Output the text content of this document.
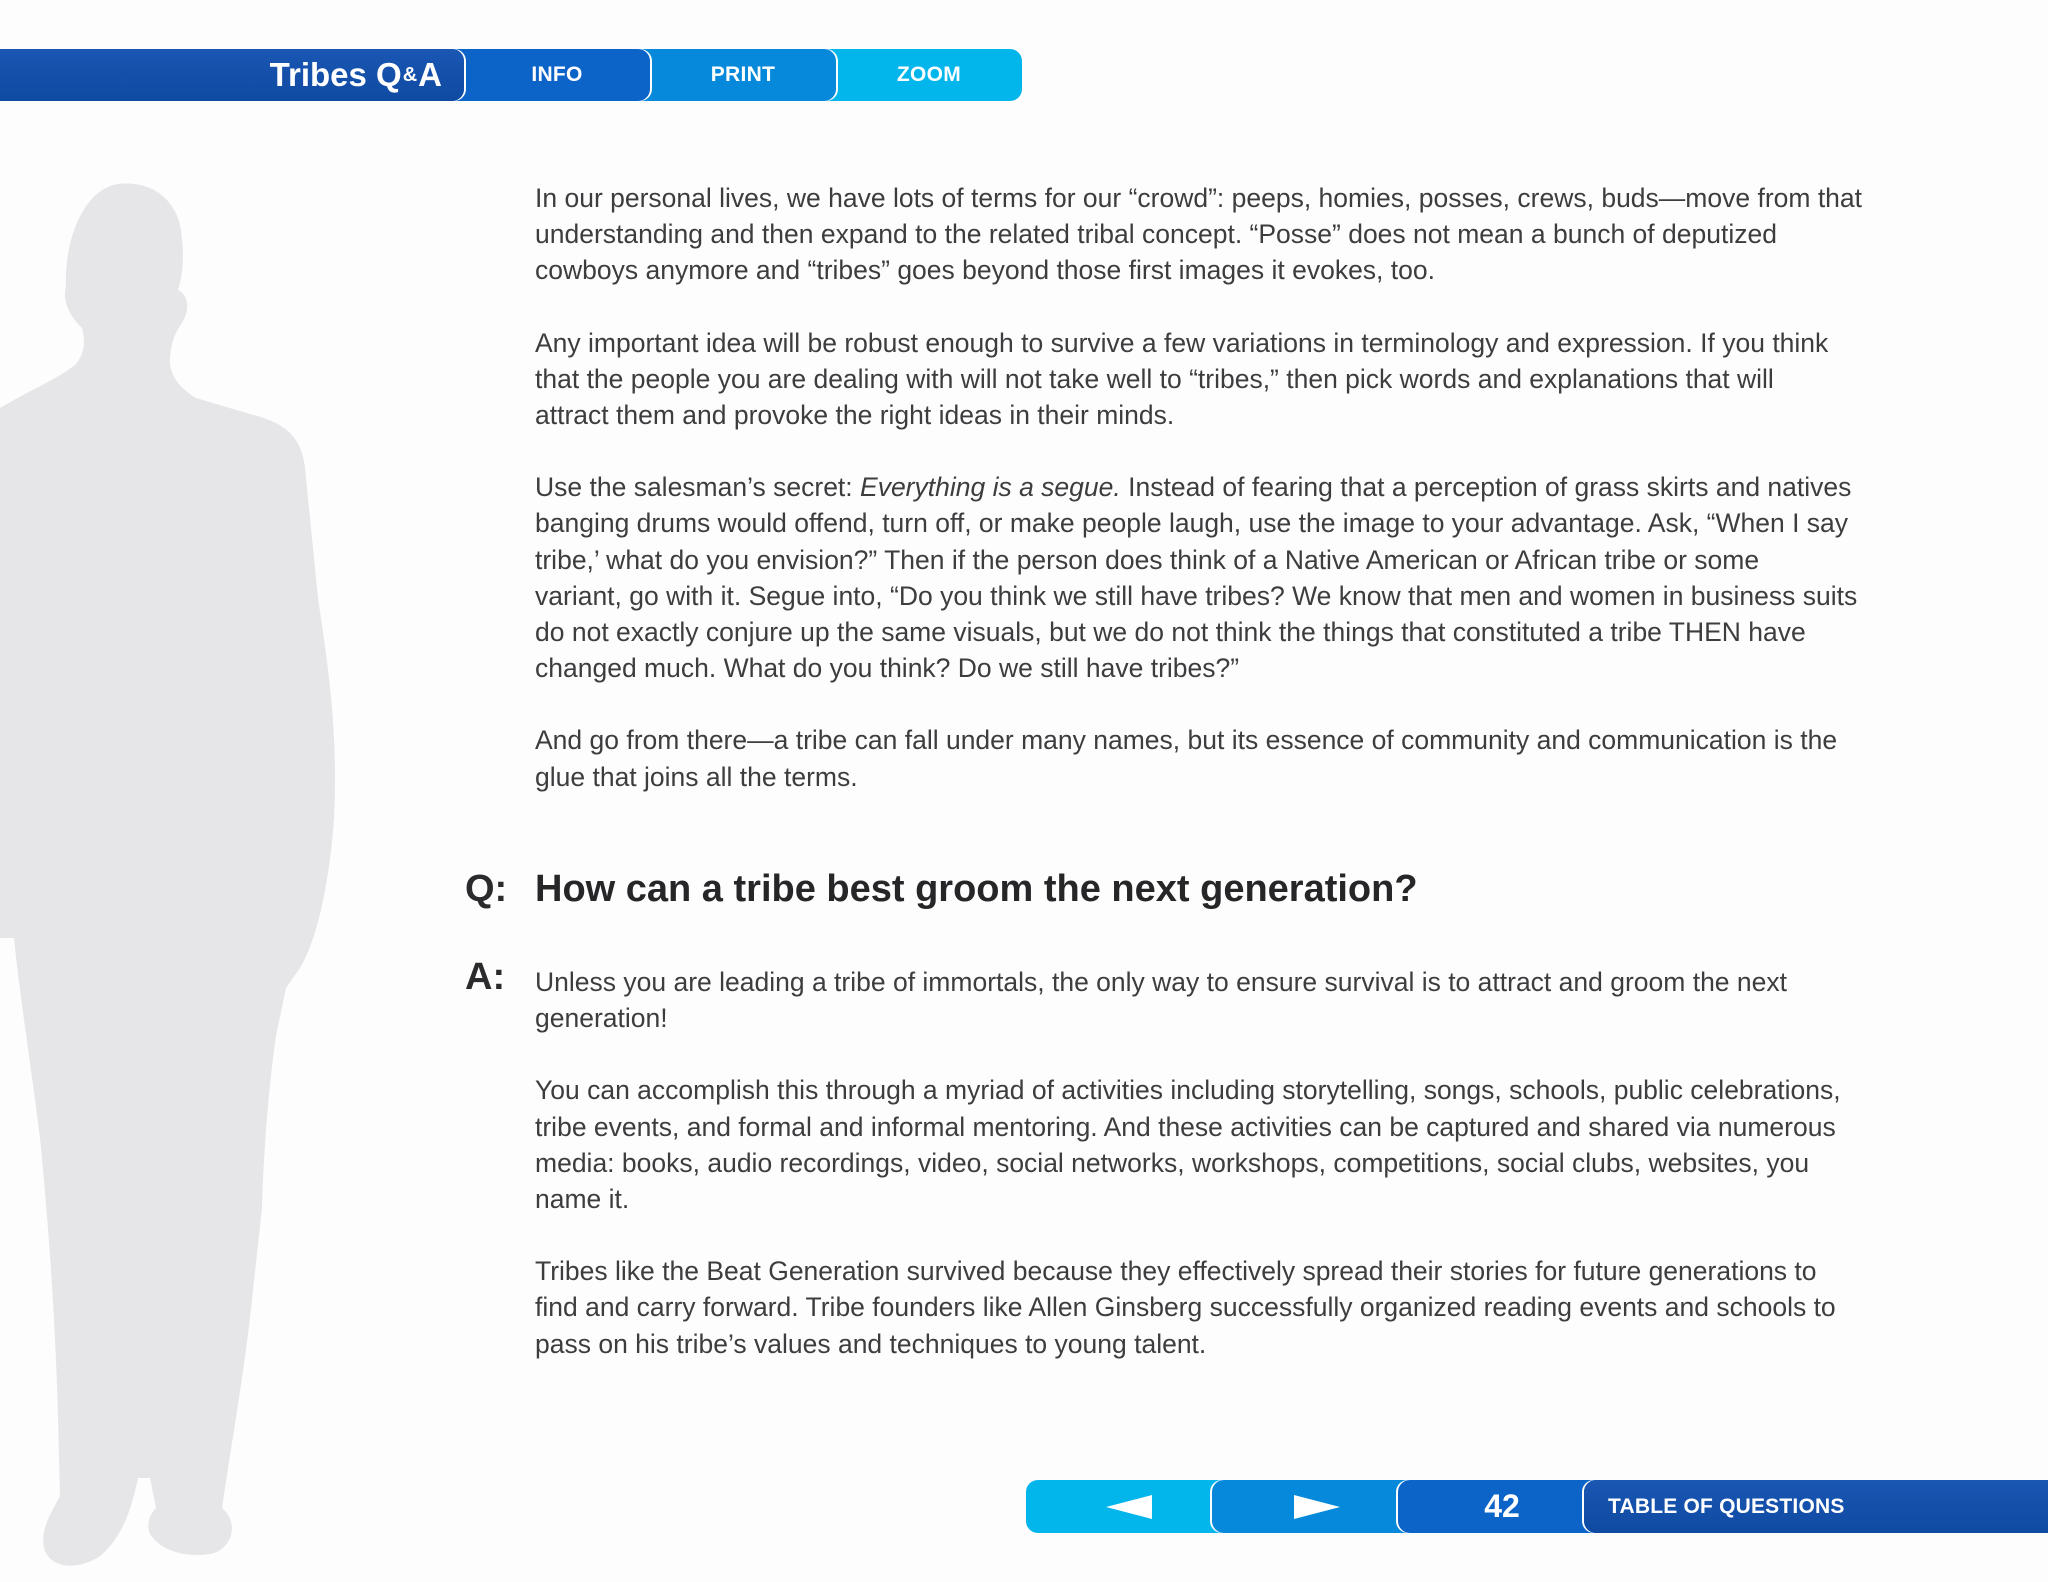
Tribes Q & A	INFO	PRINT	ZOOM

In our personal lives, we have lots of terms for our “crowd”: peeps, homies, posses, crews, buds—move from that
understanding and then expand to the related tribal concept. “Posse” does not mean a bunch of deputized
cowboys anymore and “tribes” goes beyond those first images it evokes, too.

Any important idea will be robust enough to survive a few variations in terminology and expression. If you think
that the people you are dealing with will not take well to “tribes,” then pick words and explanations that will
attract them and provoke the right ideas in their minds.

Use the salesman’s secret: Everything is a segue. Instead of fearing that a perception of grass skirts and natives
banging drums would offend, turn off, or make people laugh, use the image to your advantage. Ask, “When I say
tribe,’ what do you envision?” Then if the person does think of a Native American or African tribe or some
variant, go with it. Segue into, “Do you think we still have tribes? We know that men and women in business suits
do not exactly conjure up the same visuals, but we do not think the things that constituted a tribe THEN have
changed much. What do you think? Do we still have tribes?”

And go from there—a tribe can fall under many names, but its essence of community and communication is the
glue that joins all the terms.

Q: How can a tribe best groom the next generation?
A: Unless you are leading a tribe of immortals, the only way to ensure survival is to attract and groom the next
generation!

You can accomplish this through a myriad of activities including storytelling, songs, schools, public celebrations,
tribe events, and formal and informal mentoring. And these activities can be captured and shared via numerous
media: books, audio recordings, video, social networks, workshops, competitions, social clubs, websites, you
name it.

Tribes like the Beat Generation survived because they effectively spread their stories for future generations to
find and carry forward. Tribe founders like Allen Ginsberg successfully organized reading events and schools to
pass on his tribe’s values and techniques to young talent.

42	TABLE OF QUESTIONS
